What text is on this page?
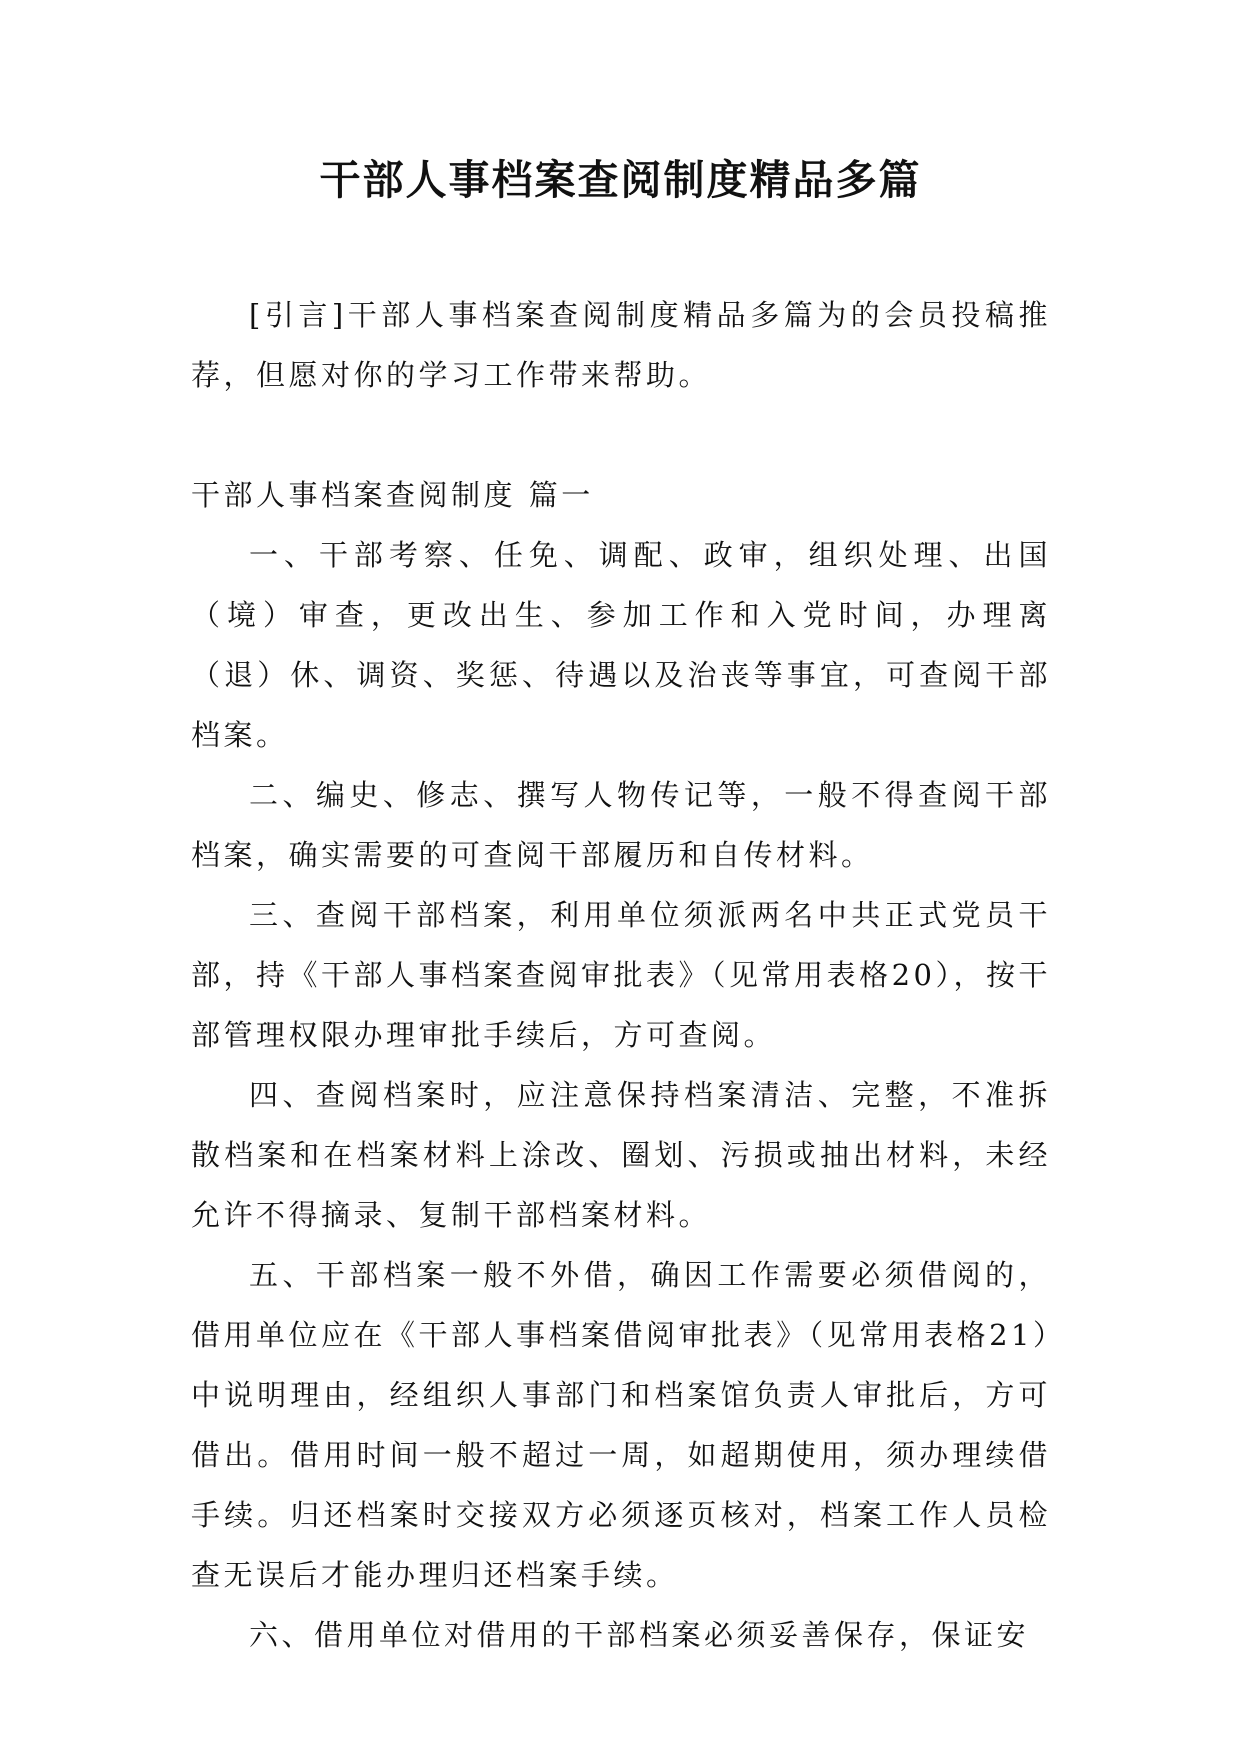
干部人事档案查阅制度精品多篇

[引言]干部人事档案查阅制度精品多篇为的会员投稿推荐，但愿对你的学习工作带来帮助。

干部人事档案查阅制度 篇一

一、干部考察、任免、调配、政审，组织处理、出国（境）审查，更改出生、参加工作和入党时间，办理离（退）休、调资、奖惩、待遇以及治丧等事宜，可查阅干部档案。

二、编史、修志、撰写人物传记等，一般不得查阅干部档案，确实需要的可查阅干部履历和自传材料。

三、查阅干部档案，利用单位须派两名中共正式党员干部，持《干部人事档案查阅审批表》（见常用表格20），按干部管理权限办理审批手续后，方可查阅。

四、查阅档案时，应注意保持档案清洁、完整，不准拆散档案和在档案材料上涂改、圈划、污损或抽出材料，未经允许不得摘录、复制干部档案材料。

五、干部档案一般不外借，确因工作需要必须借阅的，借用单位应在《干部人事档案借阅审批表》（见常用表格21）中说明理由，经组织人事部门和档案馆负责人审批后，方可借出。借用时间一般不超过一周，如超期使用，须办理续借手续。归还档案时交接双方必须逐页核对，档案工作人员检查无误后才能办理归还档案手续。

六、借用单位对借用的干部档案必须妥善保存，保证安
